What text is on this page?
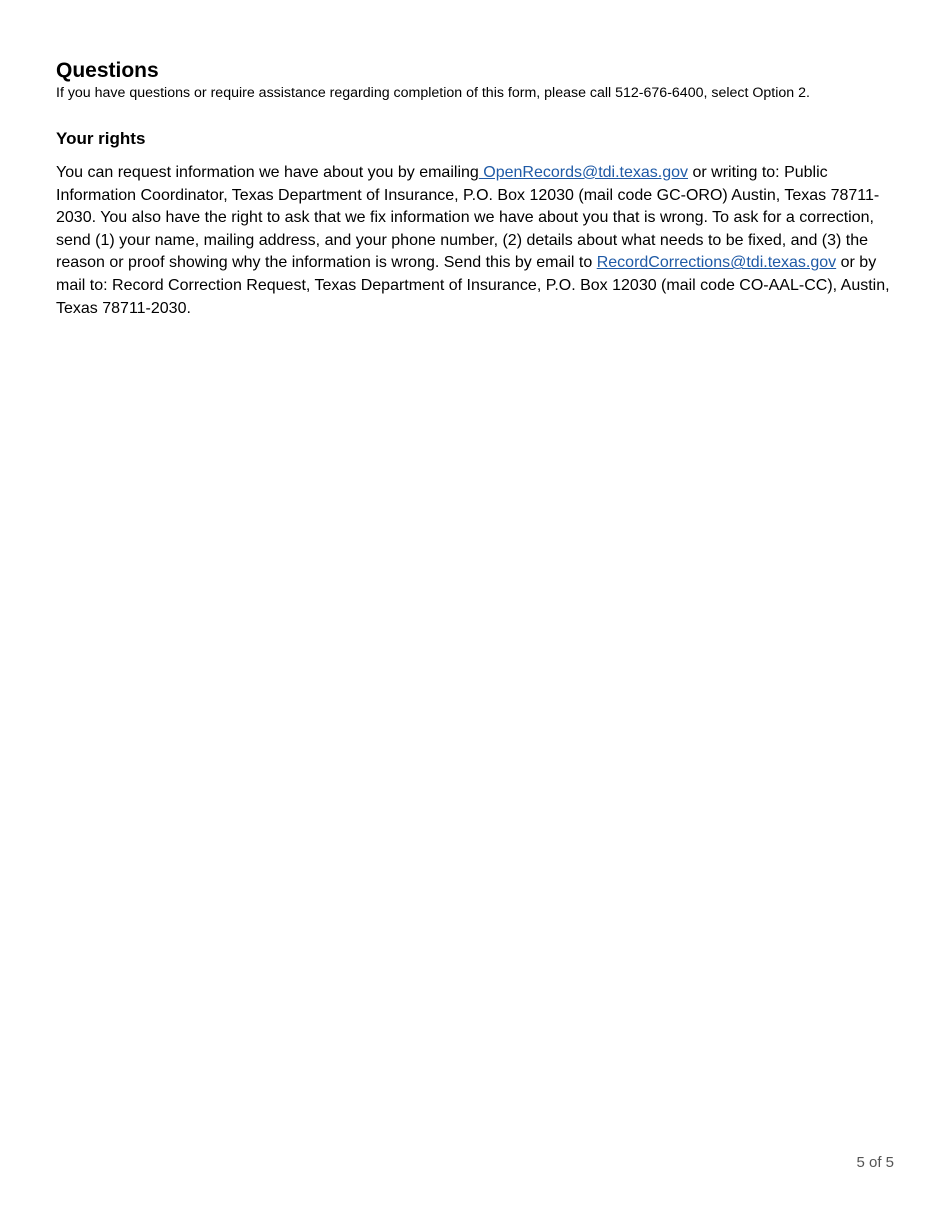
Questions

If you have questions or require assistance regarding completion of this form, please call 512-676-6400, select Option 2.

Your rights

You can request information we have about you by emailing OpenRecords@tdi.texas.gov or writing to: Public Information Coordinator, Texas Department of Insurance, P.O. Box 12030 (mail code GC-ORO) Austin, Texas 78711-2030. You also have the right to ask that we fix information we have about you that is wrong. To ask for a correction, send (1) your name, mailing address, and your phone number, (2) details about what needs to be fixed, and (3) the reason or proof showing why the information is wrong. Send this by email to RecordCorrections@tdi.texas.gov or by mail to: Record Correction Request, Texas Department of Insurance, P.O. Box 12030 (mail code CO-AAL-CC), Austin, Texas 78711-2030.

5 of 5
